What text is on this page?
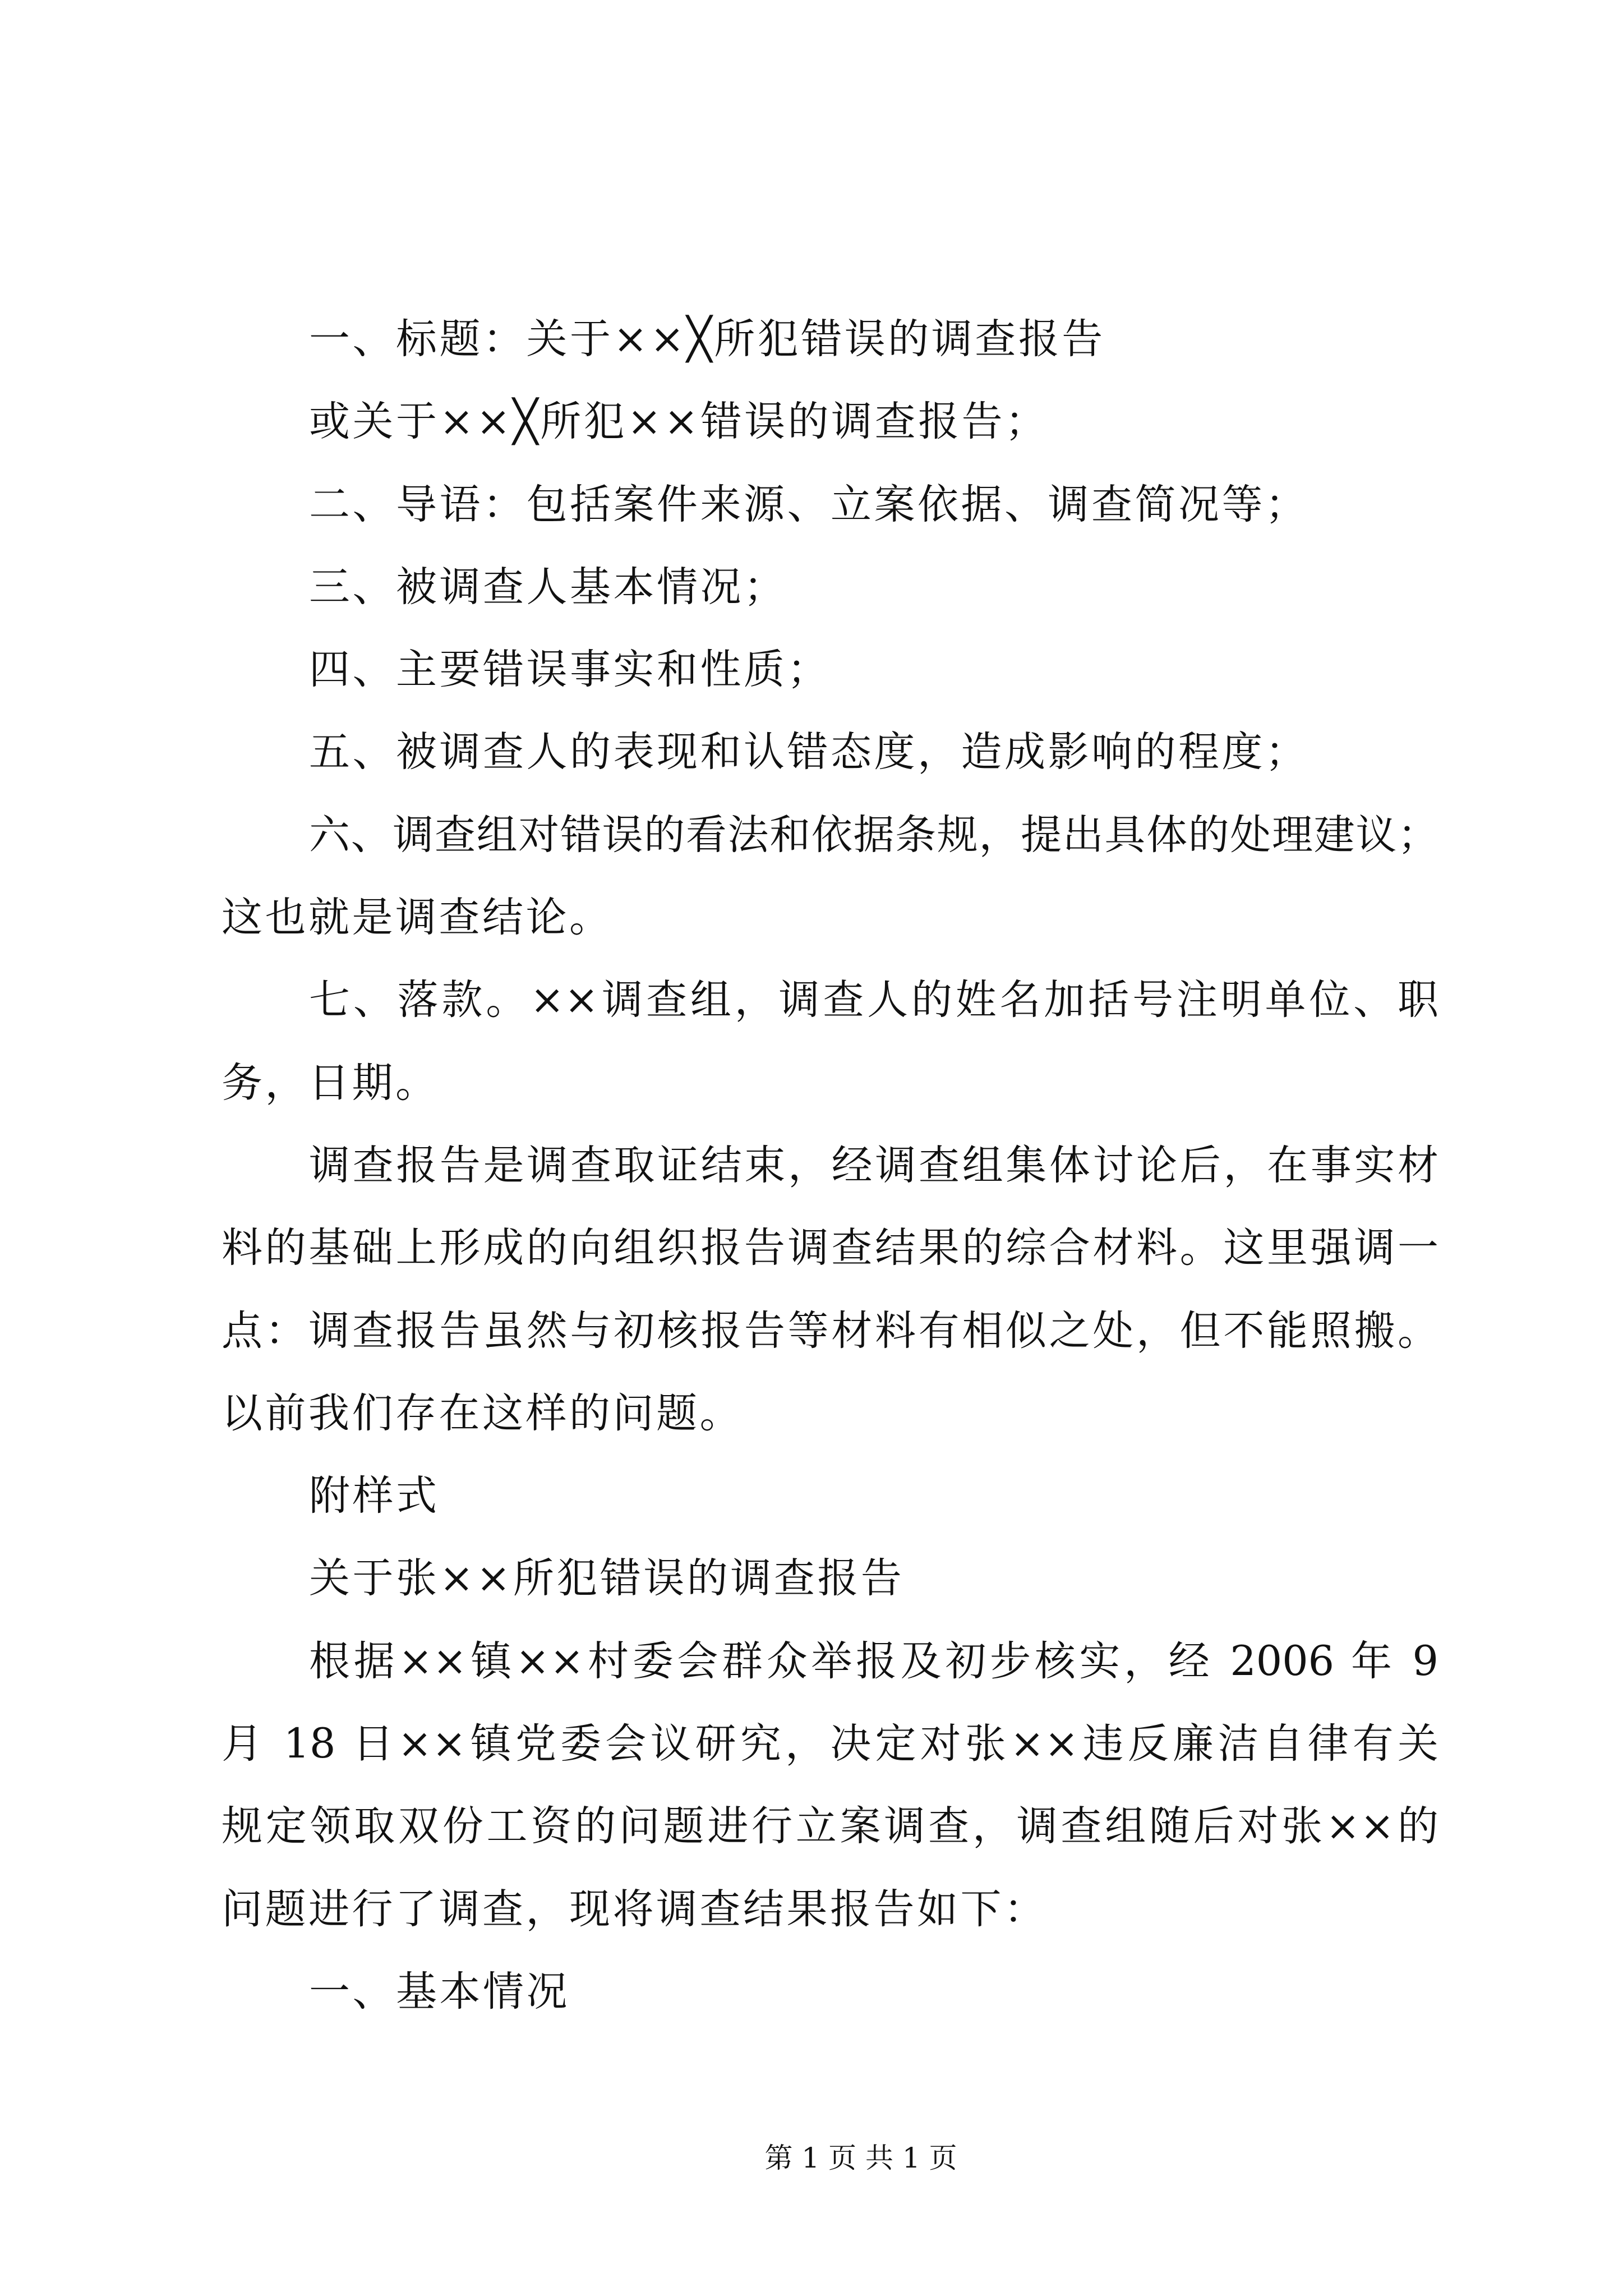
一、标题：关于××╳所犯错误的调查报告
或关于××╳所犯××错误的调查报告；
二、导语：包括案件来源、立案依据、调查简况等；
三、被调查人基本情况；
四、主要错误事实和性质；
五、被调查人的表现和认错态度，造成影响的程度；
六、调查组对错误的看法和依据条规，提出具体的处理建议；
这也就是调查结论。
七、落款。××调查组，调查人的姓名加括号注明单位、职
务，日期。
调查报告是调查取证结束，经调查组集体讨论后，在事实材
料的基础上形成的向组织报告调查结果的综合材料。这里强调一
点：调查报告虽然与初核报告等材料有相似之处，但不能照搬。
以前我们存在这样的问题。
附样式
关于张××所犯错误的调查报告
根据××镇××村委会群众举报及初步核实，经 2006 年 9
月 18 日××镇党委会议研究，决定对张××违反廉洁自律有关
规定领取双份工资的问题进行立案调查，调查组随后对张××的
问题进行了调查，现将调查结果报告如下：
一、基本情况
第 1 页 共 1 页
